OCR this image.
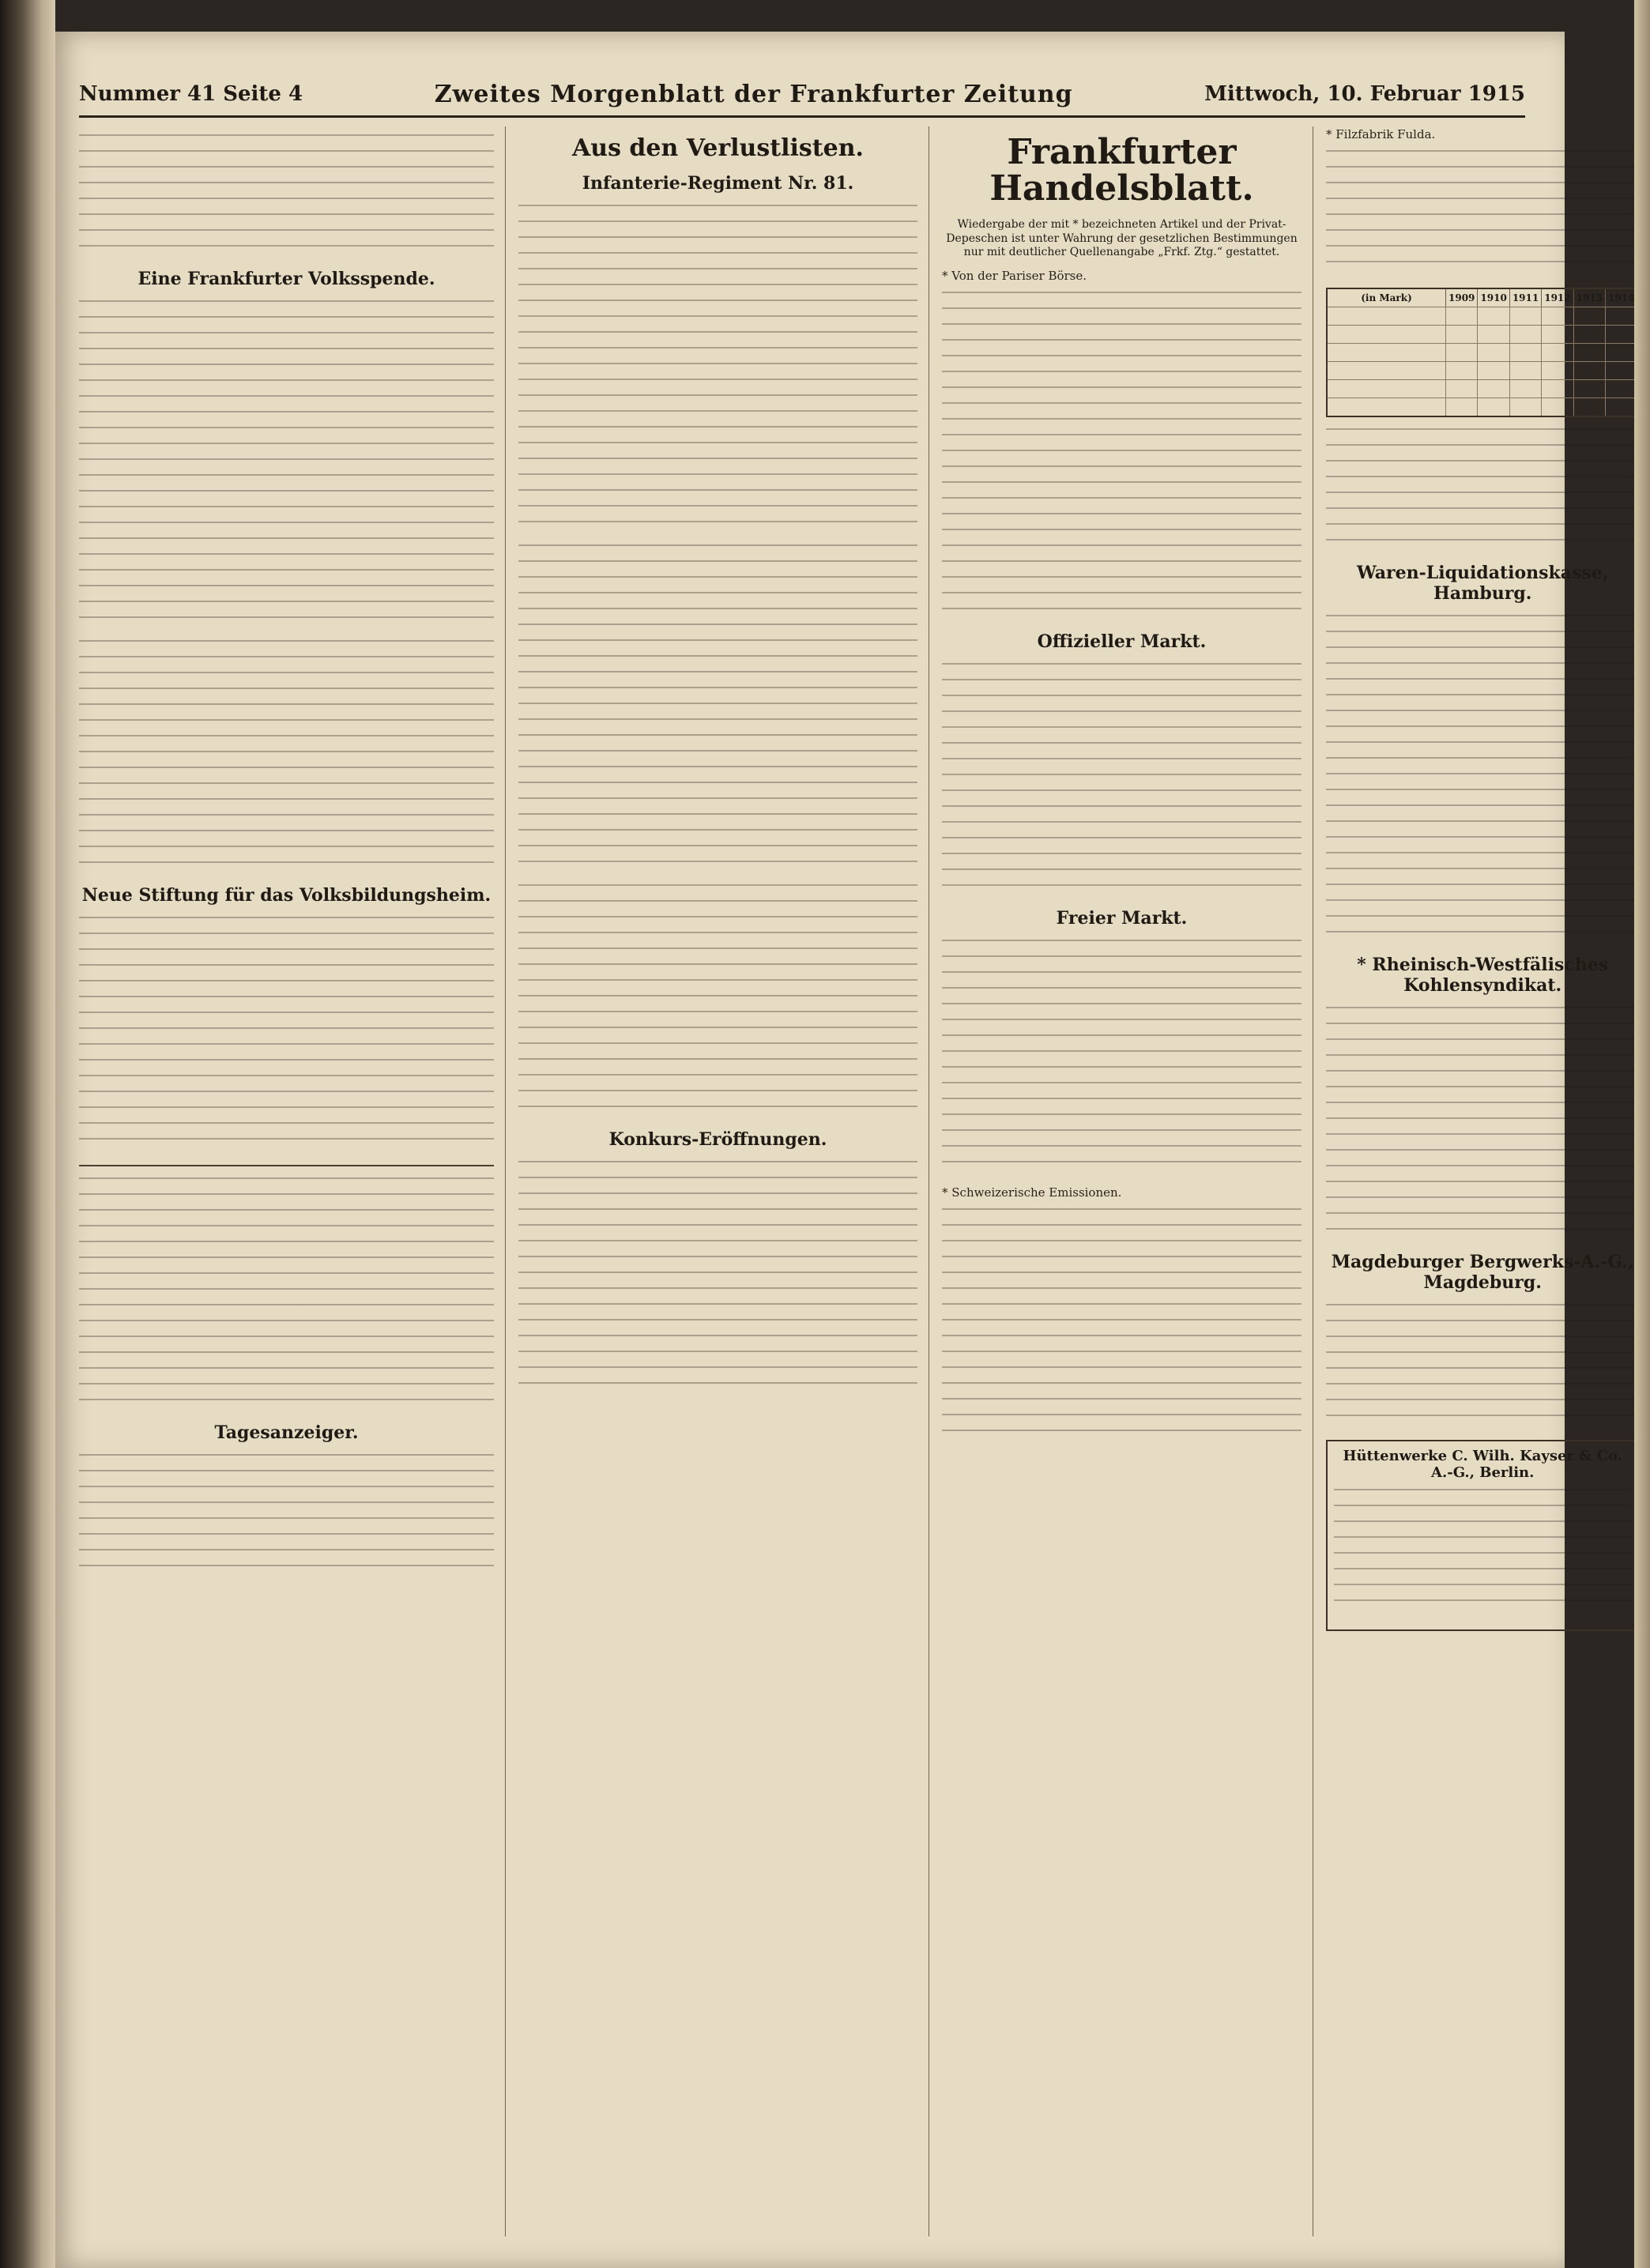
Nummer 41 Seite 4	Zweites Morgenblatt der Frankfurter Zeitung	Mittwoch, 10. Februar 1915
Eine Frankfurter Volksspende.
Neue Stiftung für das Volksbildungsheim.
Tagesanzeiger.
Aus den Verlustlisten.
Infanterie-Regiment Nr. 81.
Konkurs-Eröffnungen.
Frankfurter Handelsblatt.
Wiedergabe der mit * bezeichneten Artikel und der Privat-Depeschen ist unter Wahrung der gesetzlichen Bestimmungen nur mit deutlicher Quellenangabe „Frkf. Ztg.“ gestattet.
* Von der Pariser Börse.
Offizieller Markt.
Freier Markt.
* Schweizerische Emissionen.
* Filzfabrik Fulda.
(in Mark)	1909 1910 1911 1912 1913 1914
Waren-Liquidationskasse, Hamburg.
* Rheinisch-Westfälisches Kohlensyndikat.
Magdeburger Bergwerks-A.-G., Magdeburg.
Hüttenwerke C. Wilh. Kayser & Co. A.-G., Berlin.
